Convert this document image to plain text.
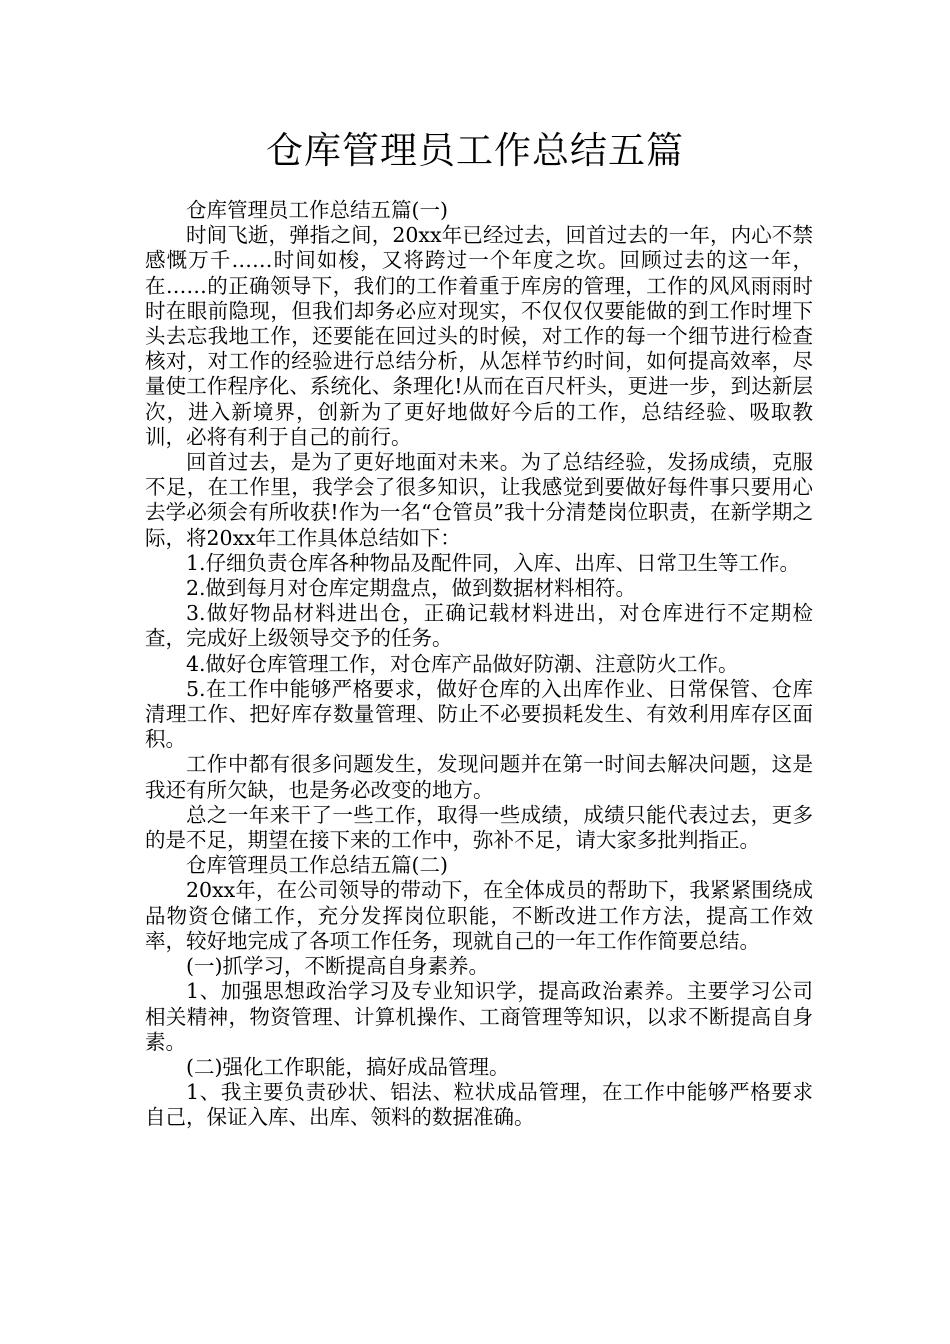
仓库管理员工作总结五篇

仓库管理员工作总结五篇(一)

时间飞逝，弹指之间，20xx年已经过去，回首过去的一年，内心不禁感慨万千……时间如梭，又将跨过一个年度之坎。回顾过去的这一年，在……的正确领导下，我们的工作着重于库房的管理，工作的风风雨雨时时在眼前隐现，但我们却务必应对现实，不仅仅仅要能做的到工作时埋下头去忘我地工作，还要能在回过头的时候，对工作的每一个细节进行检查核对，对工作的经验进行总结分析，从怎样节约时间，如何提高效率，尽量使工作程序化、系统化、条理化!从而在百尺杆头，更进一步，到达新层次，进入新境界，创新为了更好地做好今后的工作，总结经验、吸取教训，必将有利于自己的前行。

回首过去，是为了更好地面对未来。为了总结经验，发扬成绩，克服不足，在工作里，我学会了很多知识，让我感觉到要做好每件事只要用心去学必须会有所收获!作为一名“仓管员”我十分清楚岗位职责，在新学期之际，将20xx年工作具体总结如下：

1.仔细负责仓库各种物品及配件同，入库、出库、日常卫生等工作。

2.做到每月对仓库定期盘点，做到数据材料相符。

3.做好物品材料进出仓，正确记载材料进出，对仓库进行不定期检查，完成好上级领导交予的任务。

4.做好仓库管理工作，对仓库产品做好防潮、注意防火工作。

5.在工作中能够严格要求，做好仓库的入出库作业、日常保管、仓库清理工作、把好库存数量管理、防止不必要损耗发生、有效利用库存区面积。

工作中都有很多问题发生，发现问题并在第一时间去解决问题，这是我还有所欠缺，也是务必改变的地方。

总之一年来干了一些工作，取得一些成绩，成绩只能代表过去，更多的是不足，期望在接下来的工作中，弥补不足，请大家多批判指正。

仓库管理员工作总结五篇(二)

20xx年，在公司领导的带动下，在全体成员的帮助下，我紧紧围绕成品物资仓储工作，充分发挥岗位职能，不断改进工作方法，提高工作效率，较好地完成了各项工作任务，现就自己的一年工作作简要总结。

(一)抓学习，不断提高自身素养。

1、加强思想政治学习及专业知识学，提高政治素养。主要学习公司相关精神，物资管理、计算机操作、工商管理等知识，以求不断提高自身素。

(二)强化工作职能，搞好成品管理。

1、我主要负责砂状、铝法、粒状成品管理，在工作中能够严格要求自己，保证入库、出库、领料的数据准确。
